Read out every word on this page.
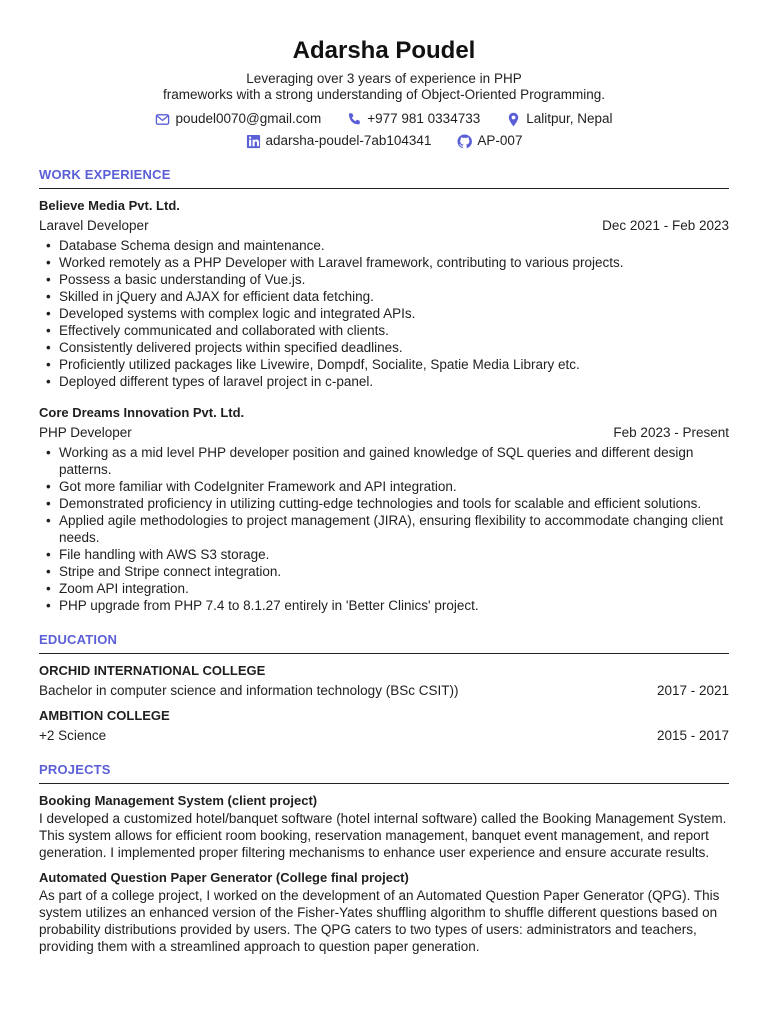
Adarsha Poudel
Leveraging over 3 years of experience in PHP
frameworks with a strong understanding of Object-Oriented Programming.
poudel0070@gmail.com	+977 981 0334733	Lalitpur, Nepal
adarsha-poudel-7ab104341	AP-007
WORK EXPERIENCE
Believe Media Pvt. Ltd.
Laravel Developer	Dec 2021 - Feb 2023
• Database Schema design and maintenance.
• Worked remotely as a PHP Developer with Laravel framework, contributing to various projects.
• Possess a basic understanding of Vue.js.
• Skilled in jQuery and AJAX for efficient data fetching.
• Developed systems with complex logic and integrated APIs.
• Effectively communicated and collaborated with clients.
• Consistently delivered projects within specified deadlines.
• Proficiently utilized packages like Livewire, Dompdf, Socialite, Spatie Media Library etc.
• Deployed different types of laravel project in c-panel.
Core Dreams Innovation Pvt. Ltd.
PHP Developer	Feb 2023 - Present
• Working as a mid level PHP developer position and gained knowledge of SQL queries and different design patterns.
• Got more familiar with CodeIgniter Framework and API integration.
• Demonstrated proficiency in utilizing cutting-edge technologies and tools for scalable and efficient solutions.
• Applied agile methodologies to project management (JIRA), ensuring flexibility to accommodate changing client needs.
• File handling with AWS S3 storage.
• Stripe and Stripe connect integration.
• Zoom API integration.
• PHP upgrade from PHP 7.4 to 8.1.27 entirely in 'Better Clinics' project.
EDUCATION
ORCHID INTERNATIONAL COLLEGE
Bachelor in computer science and information technology (BSc CSIT))	2017 - 2021
AMBITION COLLEGE
+2 Science	2015 - 2017
PROJECTS
Booking Management System (client project)
I developed a customized hotel/banquet software (hotel internal software) called the Booking Management System. This system allows for efficient room booking, reservation management, banquet event management, and report generation. I implemented proper filtering mechanisms to enhance user experience and ensure accurate results.
Automated Question Paper Generator (College final project)
As part of a college project, I worked on the development of an Automated Question Paper Generator (QPG). This system utilizes an enhanced version of the Fisher-Yates shuffling algorithm to shuffle different questions based on probability distributions provided by users. The QPG caters to two types of users: administrators and teachers, providing them with a streamlined approach to question paper generation.
